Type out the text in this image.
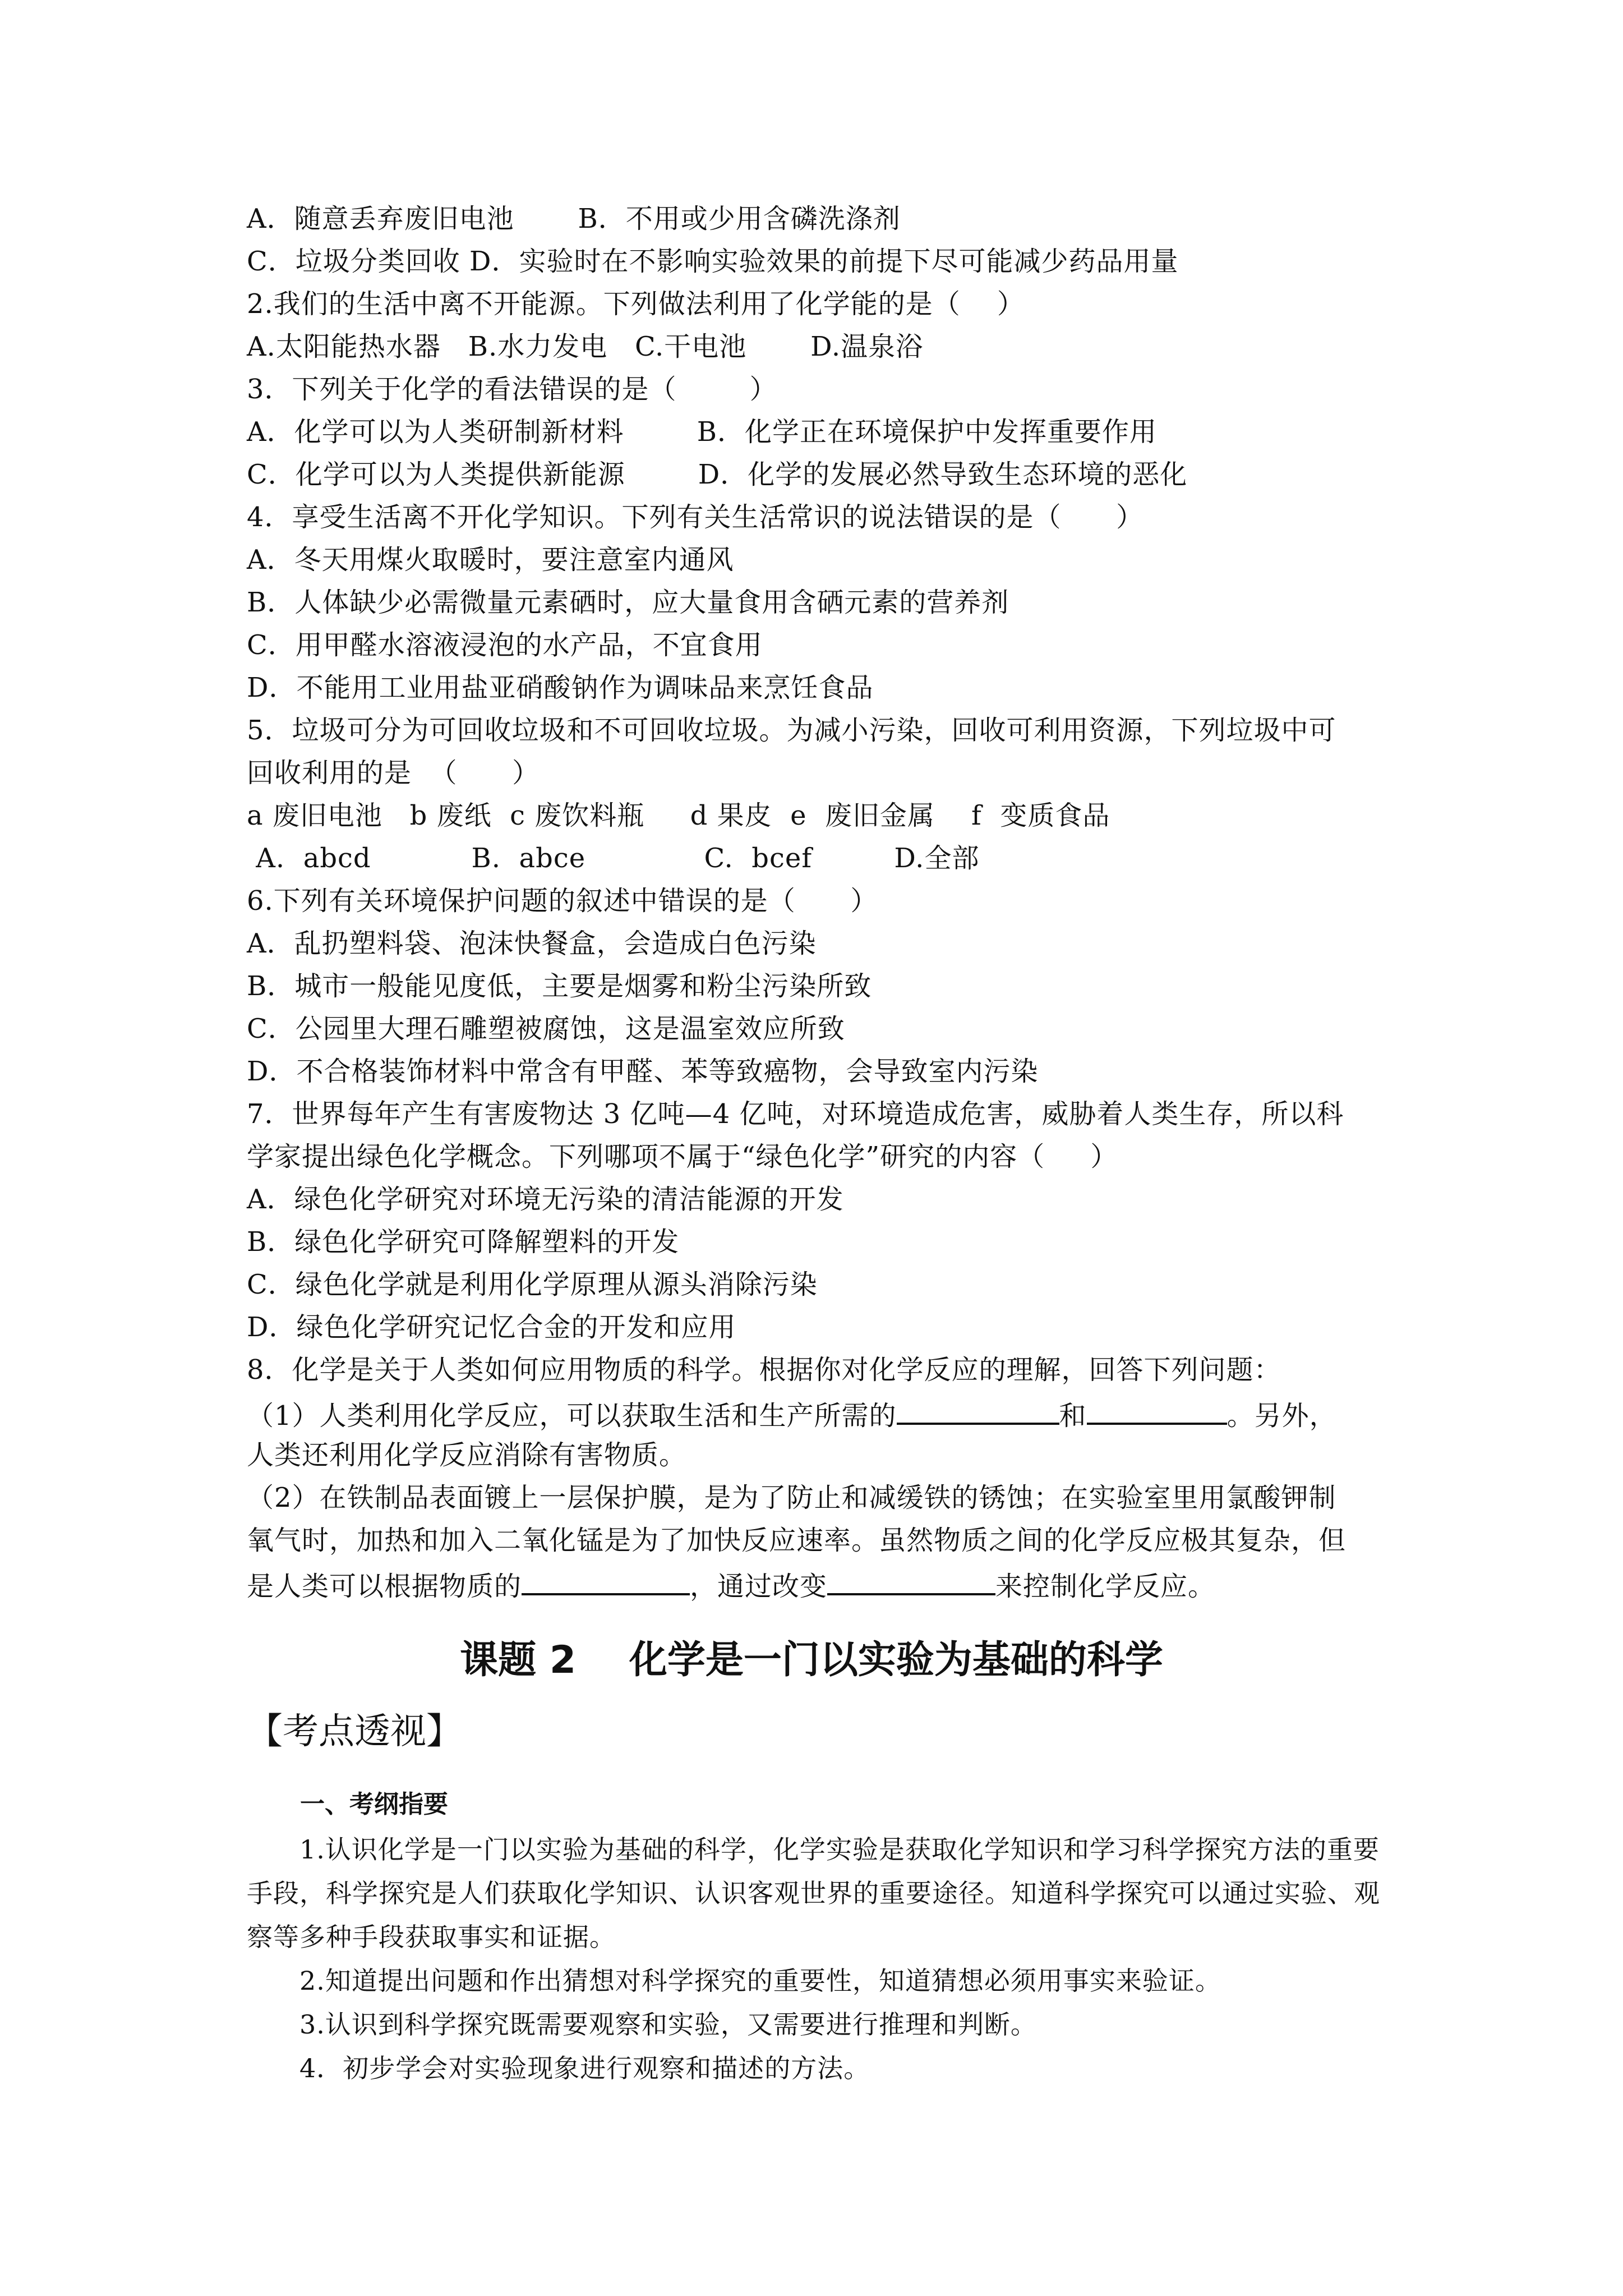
A．随意丢弃废旧电池       B．不用或少用含磷洗涤剂
C．垃圾分类回收 D．实验时在不影响实验效果的前提下尽可能减少药品用量
2.我们的生活中离不开能源。下列做法利用了化学能的是（    ）
A.太阳能热水器   B.水力发电   C.干电池       D.温泉浴
3．下列关于化学的看法错误的是（        ）
A．化学可以为人类研制新材料        B．化学正在环境保护中发挥重要作用
C．化学可以为人类提供新能源        D．化学的发展必然导致生态环境的恶化
4．享受生活离不开化学知识。下列有关生活常识的说法错误的是（      ）
A．冬天用煤火取暖时，要注意室内通风
B．人体缺少必需微量元素硒时，应大量食用含硒元素的营养剂
C．用甲醛水溶液浸泡的水产品，不宜食用
D．不能用工业用盐亚硝酸钠作为调味品来烹饪食品
5．垃圾可分为可回收垃圾和不可回收垃圾。为减小污染，回收可利用资源，下列垃圾中可
回收利用的是  （      ）
a 废旧电池   b 废纸  c 废饮料瓶     d 果皮  e  废旧金属    f  变质食品
A.  abcd           B.  abce             C.  bcef         D.全部
6.下列有关环境保护问题的叙述中错误的是（      ）
A．乱扔塑料袋、泡沫快餐盒，会造成白色污染
B．城市一般能见度低，主要是烟雾和粉尘污染所致
C．公园里大理石雕塑被腐蚀，这是温室效应所致
D．不合格装饰材料中常含有甲醛、苯等致癌物，会导致室内污染
7．世界每年产生有害废物达 3 亿吨—4 亿吨，对环境造成危害，威胁着人类生存，所以科
学家提出绿色化学概念。下列哪项不属于“绿色化学”研究的内容（     ）
A．绿色化学研究对环境无污染的清洁能源的开发
B．绿色化学研究可降解塑料的开发
C．绿色化学就是利用化学原理从源头消除污染
D．绿色化学研究记忆合金的开发和应用
8．化学是关于人类如何应用物质的科学。根据你对化学反应的理解，回答下列问题：
（1）人类利用化学反应，可以获取生活和生产所需的	和	。另外，
人类还利用化学反应消除有害物质。
（2）在铁制品表面镀上一层保护膜，是为了防止和减缓铁的锈蚀；在实验室里用氯酸钾制
氧气时，加热和加入二氧化锰是为了加快反应速率。虽然物质之间的化学反应极其复杂，但
是人类可以根据物质的	，通过改变	来控制化学反应。
课题 2    化学是一门以实验为基础的科学
【考点透视】
一、考纲指要
1.认识化学是一门以实验为基础的科学，化学实验是获取化学知识和学习科学探究方法的重要手段，科学探究是人们获取化学知识、认识客观世界的重要途径。知道科学探究可以通过实验、观察等多种手段获取事实和证据。
2.知道提出问题和作出猜想对科学探究的重要性，知道猜想必须用事实来验证。
3.认识到科学探究既需要观察和实验，又需要进行推理和判断。
4．初步学会对实验现象进行观察和描述的方法。
